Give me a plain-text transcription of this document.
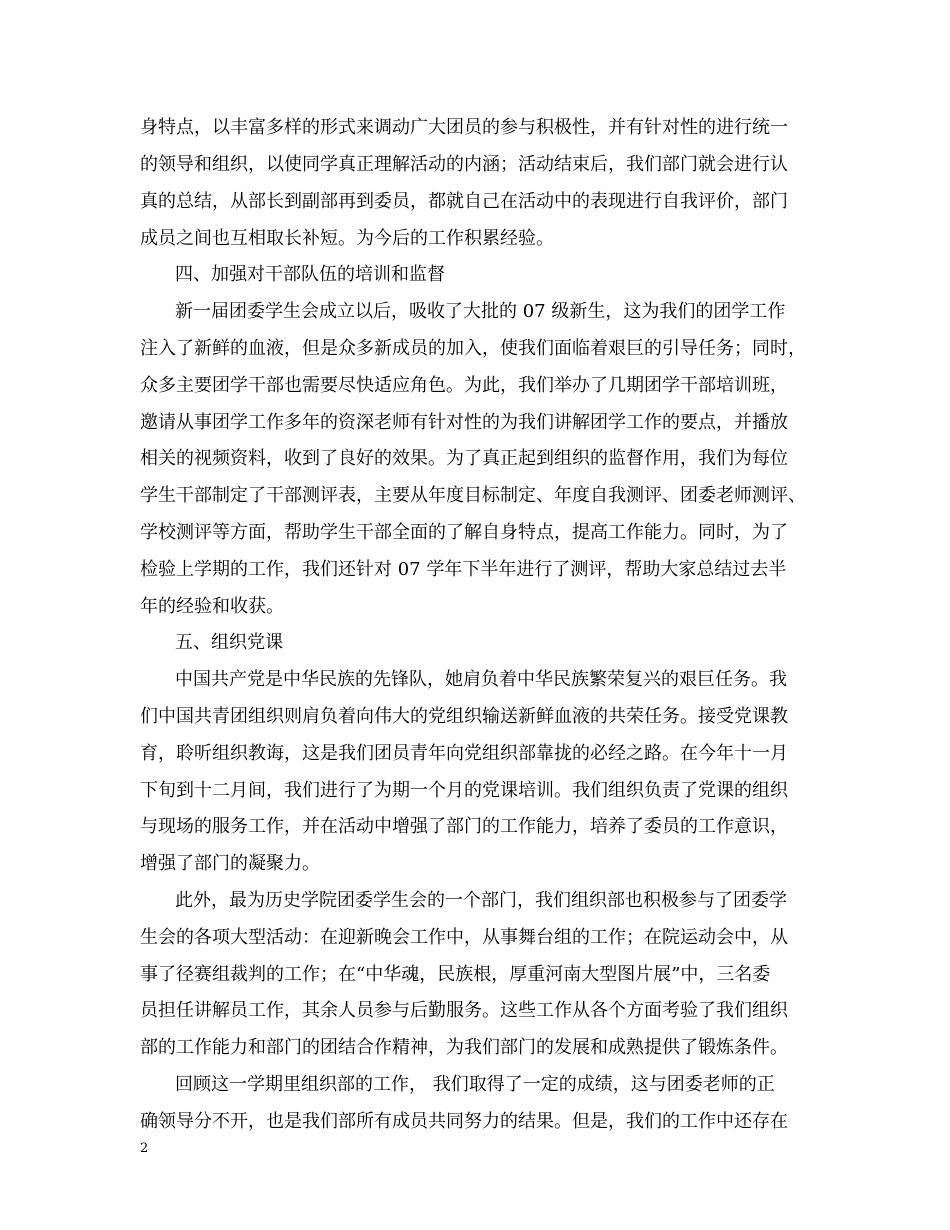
身特点，以丰富多样的形式来调动广大团员的参与积极性，并有针对性的进行统一
的领导和组织，以使同学真正理解活动的内涵；活动结束后，我们部门就会进行认
真的总结，从部长到副部再到委员，都就自己在活动中的表现进行自我评价，部门
成员之间也互相取长补短。为今后的工作积累经验。
四、加强对干部队伍的培训和监督
新一届团委学生会成立以后，吸收了大批的 07 级新生，这为我们的团学工作
注入了新鲜的血液，但是众多新成员的加入，使我们面临着艰巨的引导任务；同时，
众多主要团学干部也需要尽快适应角色。为此，我们举办了几期团学干部培训班，
邀请从事团学工作多年的资深老师有针对性的为我们讲解团学工作的要点，并播放
相关的视频资料，收到了良好的效果。为了真正起到组织的监督作用，我们为每位
学生干部制定了干部测评表，主要从年度目标制定、年度自我测评、团委老师测评、
学校测评等方面，帮助学生干部全面的了解自身特点，提高工作能力。同时，为了
检验上学期的工作，我们还针对 07 学年下半年进行了测评，帮助大家总结过去半
年的经验和收获。
五、组织党课
中国共产党是中华民族的先锋队，她肩负着中华民族繁荣复兴的艰巨任务。我
们中国共青团组织则肩负着向伟大的党组织输送新鲜血液的共荣任务。接受党课教
育，聆听组织教诲，这是我们团员青年向党组织部靠拢的必经之路。在今年十一月
下旬到十二月间，我们进行了为期一个月的党课培训。我们组织负责了党课的组织
与现场的服务工作，并在活动中增强了部门的工作能力，培养了委员的工作意识，
增强了部门的凝聚力。
此外，最为历史学院团委学生会的一个部门，我们组织部也积极参与了团委学
生会的各项大型活动：在迎新晚会工作中，从事舞台组的工作；在院运动会中，从
事了径赛组裁判的工作；在“中华魂，民族根，厚重河南大型图片展”中，三名委
员担任讲解员工作，其余人员参与后勤服务。这些工作从各个方面考验了我们组织
部的工作能力和部门的团结合作精神，为我们部门的发展和成熟提供了锻炼条件。
回顾这一学期里组织部的工作， 我们取得了一定的成绩，这与团委老师的正
确领导分不开，也是我们部所有成员共同努力的结果。但是，我们的工作中还存在
2
